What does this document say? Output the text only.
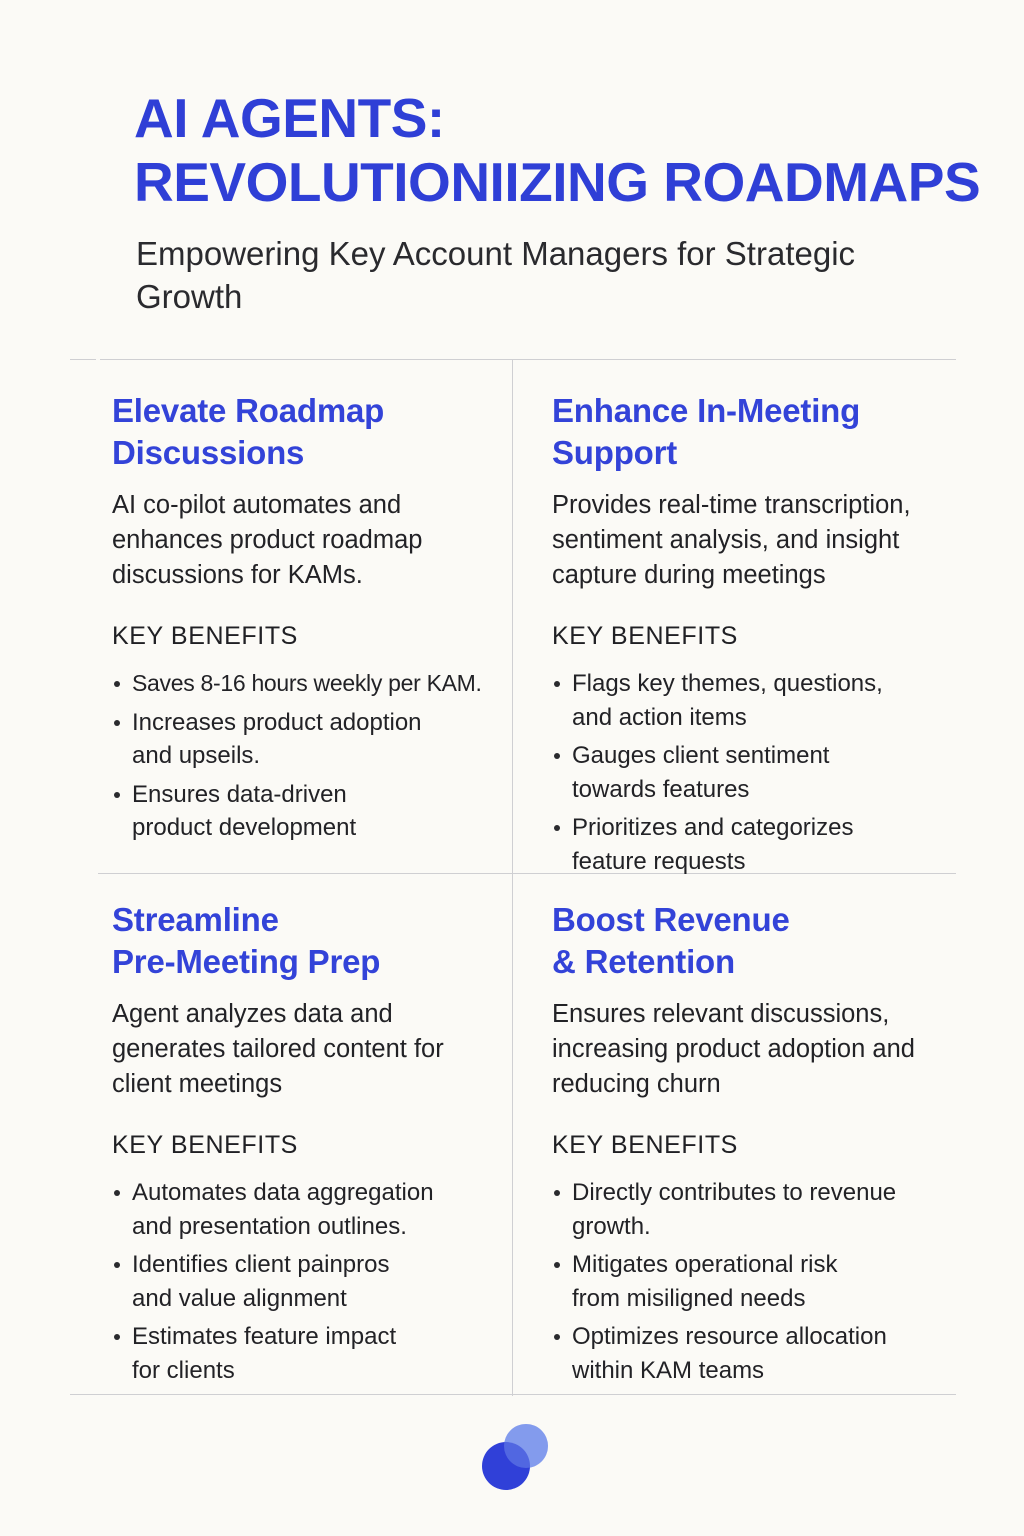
AI AGENTS:
REVOLUTIONIIZING ROADMAPS

Empowering Key Account Managers for Strategic Growth

Elevate Roadmap
Discussions

AI co-pilot automates and enhances product roadmap discussions for KAMs.

KEY BENEFITS
Saves 8-16 hours weekly per KAM.
Increases product adoption
and upseils.
Ensures data-driven
product development
Enhance In-Meeting
Support

Provides real-time transcription, sentiment analysis, and insight capture during meetings

KEY BENEFITS
Flags key themes, questions,
and action items
Gauges client sentiment
towards features
Prioritizes and categorizes
feature requests
Streamline
Pre-Meeting Prep

Agent analyzes data and generates tailored content for client meetings

KEY BENEFITS
Automates data aggregation
and presentation outlines.
Identifies client painpros
and value alignment
Estimates feature impact
for clients
Boost Revenue
& Retention

Ensures relevant discussions, increasing product adoption and reducing churn

KEY BENEFITS
Directly contributes to revenue
growth.
Mitigates operational risk
from misiligned needs
Optimizes resource allocation
within KAM teams
